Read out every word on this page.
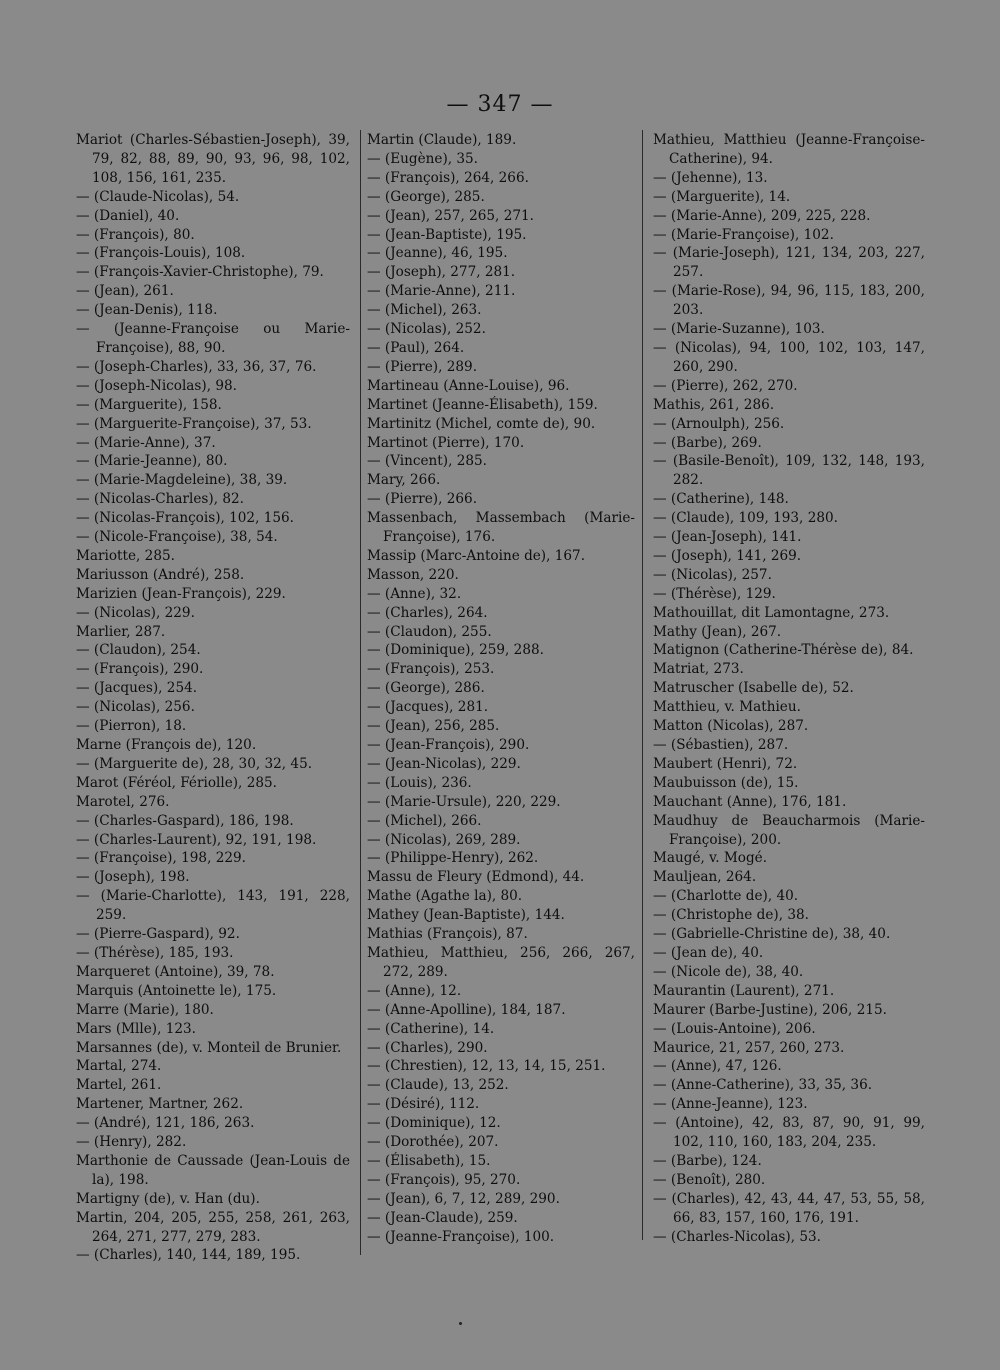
— 347 —

Mariot (Charles-Sébastien-Joseph), 39, 79, 82, 88, 89, 90, 93, 96, 98, 102, 108, 156, 161, 235.

— (Claude-Nicolas), 54.

— (Daniel), 40.

— (François), 80.

— (François-Louis), 108.

— (François-Xavier-Christophe), 79.

— (Jean), 261.

— (Jean-Denis), 118.

— (Jeanne-Françoise ou Marie-Françoise), 88, 90.

— (Joseph-Charles), 33, 36, 37, 76.

— (Joseph-Nicolas), 98.

— (Marguerite), 158.

— (Marguerite-Françoise), 37, 53.

— (Marie-Anne), 37.

— (Marie-Jeanne), 80.

— (Marie-Magdeleine), 38, 39.

— (Nicolas-Charles), 82.

— (Nicolas-François), 102, 156.

— (Nicole-Françoise), 38, 54.

Mariotte, 285.

Mariusson (André), 258.

Marizien (Jean-François), 229.

— (Nicolas), 229.

Marlier, 287.

— (Claudon), 254.

— (François), 290.

— (Jacques), 254.

— (Nicolas), 256.

— (Pierron), 18.

Marne (François de), 120.

— (Marguerite de), 28, 30, 32, 45.

Marot (Féréol, Fériolle), 285.

Marotel, 276.

— (Charles-Gaspard), 186, 198.

— (Charles-Laurent), 92, 191, 198.

— (Françoise), 198, 229.

— (Joseph), 198.

— (Marie-Charlotte), 143, 191, 228, 259.

— (Pierre-Gaspard), 92.

— (Thérèse), 185, 193.

Marqueret (Antoine), 39, 78.

Marquis (Antoinette le), 175.

Marre (Marie), 180.

Mars (Mlle), 123.

Marsannes (de), v. Monteil de Brunier.

Martal, 274.

Martel, 261.

Martener, Martner, 262.

— (André), 121, 186, 263.

— (Henry), 282.

Marthonie de Caussade (Jean-Louis de la), 198.

Martigny (de), v. Han (du).

Martin, 204, 205, 255, 258, 261, 263, 264, 271, 277, 279, 283.

— (Charles), 140, 144, 189, 195.

Martin (Claude), 189.

— (Eugène), 35.

— (François), 264, 266.

— (George), 285.

— (Jean), 257, 265, 271.

— (Jean-Baptiste), 195.

— (Jeanne), 46, 195.

— (Joseph), 277, 281.

— (Marie-Anne), 211.

— (Michel), 263.

— (Nicolas), 252.

— (Paul), 264.

— (Pierre), 289.

Martineau (Anne-Louise), 96.

Martinet (Jeanne-Élisabeth), 159.

Martinitz (Michel, comte de), 90.

Martinot (Pierre), 170.

— (Vincent), 285.

Mary, 266.

— (Pierre), 266.

Massenbach, Massembach (Marie-Françoise), 176.

Massip (Marc-Antoine de), 167.

Masson, 220.

— (Anne), 32.

— (Charles), 264.

— (Claudon), 255.

— (Dominique), 259, 288.

— (François), 253.

— (George), 286.

— (Jacques), 281.

— (Jean), 256, 285.

— (Jean-François), 290.

— (Jean-Nicolas), 229.

— (Louis), 236.

— (Marie-Ursule), 220, 229.

— (Michel), 266.

— (Nicolas), 269, 289.

— (Philippe-Henry), 262.

Massu de Fleury (Edmond), 44.

Mathe (Agathe la), 80.

Mathey (Jean-Baptiste), 144.

Mathias (François), 87.

Mathieu, Matthieu, 256, 266, 267, 272, 289.

— (Anne), 12.

— (Anne-Apolline), 184, 187.

— (Catherine), 14.

— (Charles), 290.

— (Chrestien), 12, 13, 14, 15, 251.

— (Claude), 13, 252.

— (Désiré), 112.

— (Dominique), 12.

— (Dorothée), 207.

— (Élisabeth), 15.

— (François), 95, 270.

— (Jean), 6, 7, 12, 289, 290.

— (Jean-Claude), 259.

— (Jeanne-Françoise), 100.

Mathieu, Matthieu (Jeanne-Françoise-Catherine), 94.

— (Jehenne), 13.

— (Marguerite), 14.

— (Marie-Anne), 209, 225, 228.

— (Marie-Françoise), 102.

— (Marie-Joseph), 121, 134, 203, 227, 257.

— (Marie-Rose), 94, 96, 115, 183, 200, 203.

— (Marie-Suzanne), 103.

— (Nicolas), 94, 100, 102, 103, 147, 260, 290.

— (Pierre), 262, 270.

Mathis, 261, 286.

— (Arnoulph), 256.

— (Barbe), 269.

— (Basile-Benoît), 109, 132, 148, 193, 282.

— (Catherine), 148.

— (Claude), 109, 193, 280.

— (Jean-Joseph), 141.

— (Joseph), 141, 269.

— (Nicolas), 257.

— (Thérèse), 129.

Mathouillat, dit Lamontagne, 273.

Mathy (Jean), 267.

Matignon (Catherine-Thérèse de), 84.

Matriat, 273.

Matruscher (Isabelle de), 52.

Matthieu, v. Mathieu.

Matton (Nicolas), 287.

— (Sébastien), 287.

Maubert (Henri), 72.

Maubuisson (de), 15.

Mauchant (Anne), 176, 181.

Maudhuy de Beaucharmois (Marie-Françoise), 200.

Maugé, v. Mogé.

Mauljean, 264.

— (Charlotte de), 40.

— (Christophe de), 38.

— (Gabrielle-Christine de), 38, 40.

— (Jean de), 40.

— (Nicole de), 38, 40.

Maurantin (Laurent), 271.

Maurer (Barbe-Justine), 206, 215.

— (Louis-Antoine), 206.

Maurice, 21, 257, 260, 273.

— (Anne), 47, 126.

— (Anne-Catherine), 33, 35, 36.

— (Anne-Jeanne), 123.

— (Antoine), 42, 83, 87, 90, 91, 99, 102, 110, 160, 183, 204, 235.

— (Barbe), 124.

— (Benoît), 280.

— (Charles), 42, 43, 44, 47, 53, 55, 58, 66, 83, 157, 160, 176, 191.

— (Charles-Nicolas), 53.
